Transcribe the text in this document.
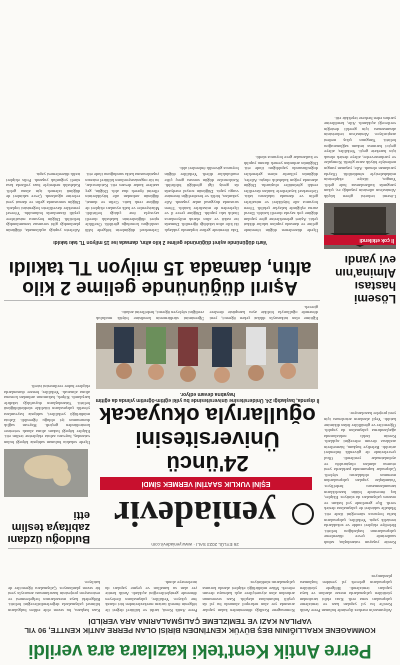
Perre Antik Kent'teki kazılara ara verildi
KOMMAGENE KRALLIĞININ BEŞ BÜYÜK KENTİNDEN BİRİSİ OLAN PERRE ANTİK KENTTE, 90 YIL VAPILAN KAZI VE TEMİZLEME ÇALIŞMALARINA ARA VERİLDİ
Adıyaman'ın merkez ilçesinde bulunan Perre Antik Kent'te bu yıl yapılan kazı ve temizleme çalışmaları sona erdi. Kazı ekibi tarafından yürütülen çalışmalarda mezar alanları ve kaya yapıları temizlendi. Bölgede yürütülen çalışmaların gelecek yıl yeniden başlaması planlanıyor.
Kommagene Krallığı döneminden kalan yapılar arasında yer alan nekropol alanında bu yıl da çeşitli buluntulara ulaşıldı. Kazı sezonunun ardından alan ziyaretçilere açık kalmaya devam edecek. Müze müdürlüğü ekipleri alanda koruma çalışmalarını sürdürüyor.
Perre Antik Kenti, tarihi ve kültürel değeri ile bölgenin önemli turizm merkezlerinden biri olarak öne çıkıyor. Yetkililer, çalışmaların ilerleyen dönemde genişletileceğini açıkladı. Antik kentte yer alan su kanalları ve çeşme yapıları da incelemeye alındı.
Kazı başkanı, bu sezon elde edilen bulguların bilimsel çalışmalarla değerlendirileceğini belirtti. Bölgedeki kaya mezarlarının belgelenmesi ve restorasyon projesinin hazırlanması amacıyla yeni bir sezon planlanıyor. Çalışmalara öğrenciler de katılıyor.
26 EYLÜL 2023 SALI · www.yeniadevir.com
yeniadevir
Kentte yaşayan vatandaşlar, sabah saatlerinde çevre düzenleme çalışmalarının başladığını belirtti. Belediye ekipleri cadde ve sokaklarda temizlik yaptı. Yetkililer, çalışmaların hafta boyunca süreceğini ifade etti. Mahalle sakinleri de çalışmalara destek verdi. İlçe genelinde yol bakım ve onarım çalışmaları da sürüyor. Ekipler, kış öncesinde bütün hazırlıkların tamamlanmasını hedefliyor. Vatandaşlar yapılan çalışmalardan memnun olduklarını söyledi. Çalışmalar kapsamında parklarda yeni oturma alanları oluşturuldu ve aydınlatmalar yenilendi. Okul çevrelerinde de güvenlik önlemleri artırıldı. Belediye başkanı, hizmetlerin aralıksız devam edeceğini açıkladı. Kentin farklı noktalarında ağaçlandırma çalışmaları da yapıldı. Öğrenciler ve gönüllüler fidan dikimine katıldı. Yeşil alanların artırılması için yeni projeler hazırlanıyor.
EŞİNİ VUKLIK SAATİNİ VERMEK SİMDİ
24'üncü
Üniversitesini
oğullarıyla okuyacak
İl dışında, başladığı 24. Ünidersitesine üniversitesinde bu yılki eğitim-öğretim yılında da eğitim hayatına devam ediyor.
Eğitime olan tutkusuyla dikkat çeken öğrenci, yeni dönemde oğullarıyla birlikte aynı kampüste derslere girecek.
Öğrenimini sürdürmenin kendisine büyük mutluluk verdiğini söyleyen öğrenci, hedeflerini anlattı.
Buldoğu üzdanı zabitaya teslim etti
İlçede sokakta bulunan sahipsiz köpeği bulan vatandaş, hayvanı zabıta ekiplerine teslim etti. Ekipler köpeği bakım altına alarak veteriner kontrolünden geçirdi. Hayvan sağlık durumunun iyi olduğu öğrenildi. Zabıta müdürlüğü yetkilileri, sahipsiz hayvanlara yönelik çalışmaların titizlikle sürdürüldüğünü belirtti. Vatandaşların duyarlılığı takdirle karşılandı. Köpek, bakımının ardından koruma altına alınacak. Yetkililer, benzer durumlarda ekiplere haber verilmesini istedi.
Aşırıl düğününde gelime 2 kilo
altın, damada 15 milyon TL takıldı
Vartı düğününde aşiret düğününde gelime 2 kilo altın, damada ise 15 milyon TL takı takıldı
İlçede düzenlenen düğün töreninde geline ve damada yapılan takılar dikkat çekti. Aşiret geleneklerine göre yapılan düğüne çok sayıda davetli katıldı. Davul zurna eşliğinde halaylar çekildi. Tören boyunca aile büyükleri ve misafirler gelin ve damada takılarını taktı. Geleneksel kıyafetlerle katılan davetliler renkli görüntüler oluşturdu. Düğün alanında yoğun kalabalık oluştu. Aileler, düğünün yıllardır süren gelenekler doğrultusunda yapıldığını ifade etti. Düğünün ardından yemek ikramı yapıldı ve kutlamalar gece boyunca sürdü.
Takı töreninde geline toplamda yaklaşık iki kilo altın takıldığı öğrenildi. Damada ise nakit ve altın olarak milyonlarca liralık takı yapıldı. Düğüne çevre il ve ilçelerden de misafirler katıldı. Tören sırasında duygusal anlar yaşandı. Aile yakınları, birlik ve beraberliğin önemine vurgu yaptı. Düğünün sosyal medyada da geniş ilgi gördüğü bildirildi. Katılımcılar düğün sonrası genç çifte mutluluklar diledi. Yetkililer düğün boyunca güvenlik önlemleri aldı.
Geleneksel düğünlerin bölgede hâlâ canlılığını koruduğu görüldü. Özellikle aşiret düğünlerinin kalabalık davetli sayısıyla öne çıktığı belirtildi. Müzisyenler ve halk oyunları ekipleri de düğüne renk kattı. Gelin ve damat, düğünün ardından aile büyüklerinin ellerini öperek dua aldı. Düğün, geç saatlere kadar devam etti. Katılımcılar, bu tür organizasyonların kültürel mirasın yaşatılmasına katkı sunduğunu ifade etti.
Ailelerin yaptığı açıklamada, düğünün planlandığı gibi sorunsuz tamamlandığı belirtildi. Düğün boyunca misafirlere çeşitli ikramlarda bulunuldu. Yöresel yemekler davetlilerin beğenisini topladı. Düğün sonrasında gelin ve damat yeni evlerine uğurlandı. Çevre sakinleri de düğünü izlemek için alana geldi. Kalabalık nedeniyle bazı yollarda kısa süreli yoğunluk yaşandı. Polis ekipleri trafik düzenlemesi yaptı.
Lösemi hastası Almina'nın evi yandı
Lösemi tedavisi gören küçük Almina'nın ailesinin yaşadığı ev, çıkan yangında kullanılamaz hale geldi. Yangın, itfaiye ekiplerinin müdahalesiyle söndürüldü. Olayda yaralanan olmadı. Aile, yaşanan yangın nedeniyle büyük zarar gördü. Komşular ve yardımseverler, aileye destek olmak için harekete geçti. Yetkililer, aileye geçici barınma imkanı sağlanacağını belirtti. Yangının çıkış nedeni araştırılıyor. Almina'nın tedavisinin aksamaması için gerekli desteğin verileceği açıklandı. Aile, kendilerine yardım eden herkese teşekkür etti.
İl çok etkilendi
